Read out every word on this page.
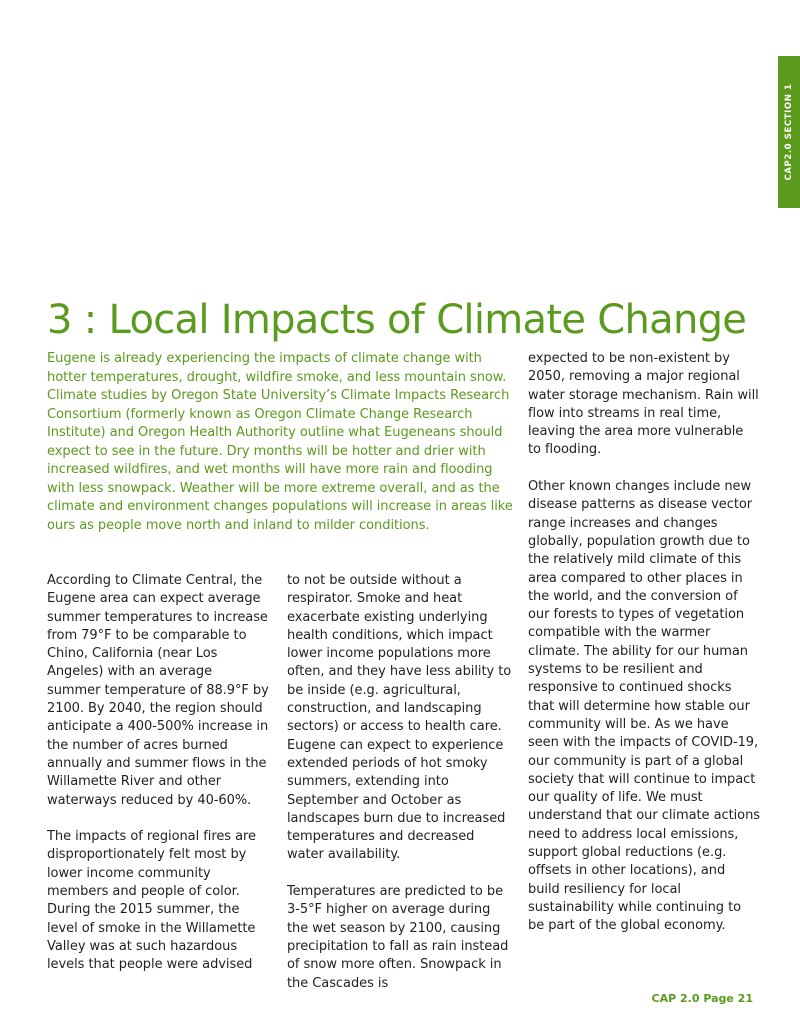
CAP2.0 SECTION 1
3 : Local Impacts of Climate Change

Eugene is already experiencing the impacts of climate change with hotter temperatures, drought, wildfire smoke, and less mountain snow. Climate studies by Oregon State University’s Climate Impacts Research Consortium (formerly known as Oregon Climate Change Research Institute) and Oregon Health Authority outline what Eugeneans should expect to see in the future. Dry months will be hotter and drier with increased wildfires, and wet months will have more rain and flooding with less snowpack. Weather will be more extreme overall, and as the climate and environment changes populations will increase in areas like ours as people move north and inland to milder conditions.

According to Climate Central, the Eugene area can expect average summer temperatures to increase from 79°F to be comparable to Chino, California (near Los Angeles) with an average summer temperature of 88.9°F by 2100. By 2040, the region should anticipate a 400-500% increase in the number of acres burned annually and summer flows in the Willamette River and other waterways reduced by 40-60%.

The impacts of regional fires are disproportionately felt most by lower income community members and people of color. During the 2015 summer, the level of smoke in the Willamette Valley was at such hazardous levels that people were advised

to not be outside without a respirator. Smoke and heat exacerbate existing underlying health conditions, which impact lower income populations more often, and they have less ability to be inside (e.g. agricultural, construction, and landscaping sectors) or access to health care. Eugene can expect to experience extended periods of hot smoky summers, extending into September and October as landscapes burn due to increased temperatures and decreased water availability.

Temperatures are predicted to be 3-5°F higher on average during the wet season by 2100, causing precipitation to fall as rain instead of snow more often. Snowpack in the Cascades is

expected to be non-existent by 2050, removing a major regional water storage mechanism. Rain will flow into streams in real time, leaving the area more vulnerable to flooding.

Other known changes include new disease patterns as disease vector range increases and changes globally, population growth due to the relatively mild climate of this area compared to other places in the world, and the conversion of our forests to types of vegetation compatible with the warmer climate. The ability for our human systems to be resilient and responsive to continued shocks that will determine how stable our community will be. As we have seen with the impacts of COVID-19, our community is part of a global society that will continue to impact our quality of life. We must understand that our climate actions need to address local emissions, support global reductions (e.g. offsets in other locations), and build resiliency for local sustainability while continuing to be part of the global economy.

CAP 2.0 Page 21
